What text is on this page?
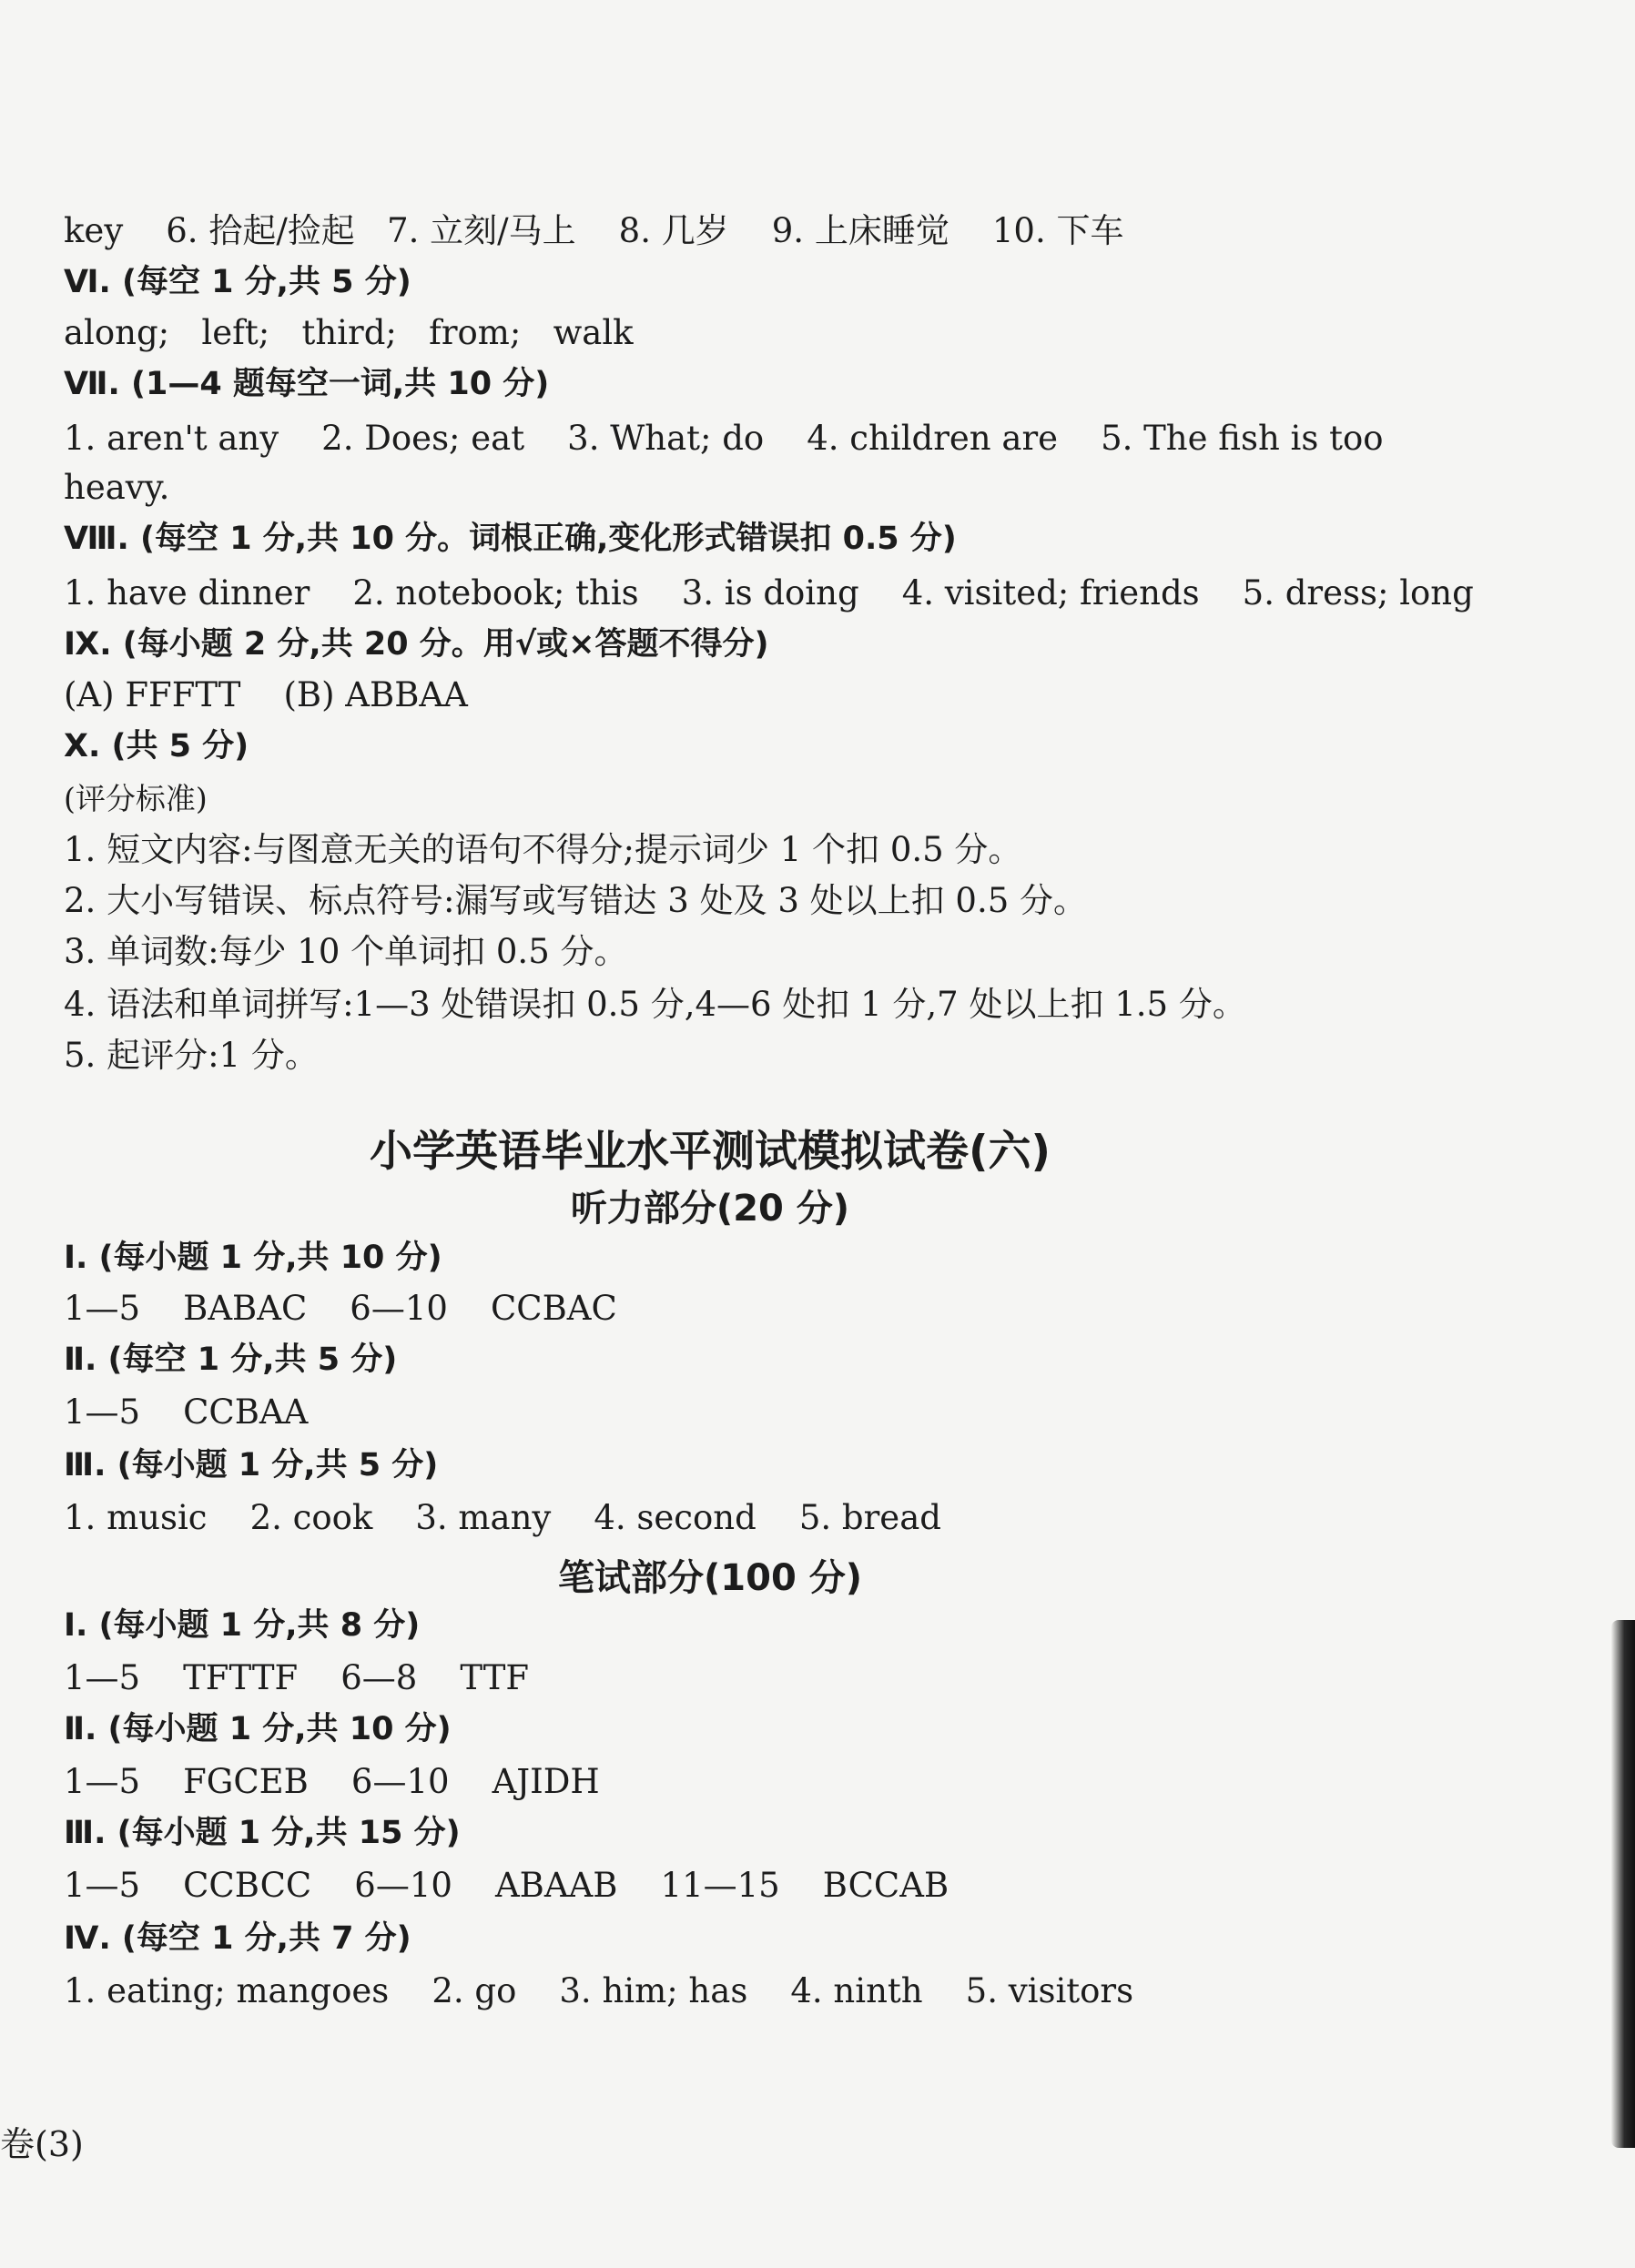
key    6. 拾起/捡起   7. 立刻/马上    8. 几岁    9. 上床睡觉    10. 下车
Ⅵ. (每空 1 分,共 5 分)
along;   left;   third;   from;   walk
Ⅶ. (1—4 题每空一词,共 10 分)
1. aren't any    2. Does; eat    3. What; do    4. children are    5. The fish is too
heavy.
Ⅷ. (每空 1 分,共 10 分。词根正确,变化形式错误扣 0.5 分)
1. have dinner    2. notebook; this    3. is doing    4. visited; friends    5. dress; long
Ⅸ. (每小题 2 分,共 20 分。用√或×答题不得分)
(A) FFFTT    (B) ABBAA
Ⅹ. (共 5 分)
(评分标准)
1. 短文内容:与图意无关的语句不得分;提示词少 1 个扣 0.5 分。
2. 大小写错误、标点符号:漏写或写错达 3 处及 3 处以上扣 0.5 分。
3. 单词数:每少 10 个单词扣 0.5 分。
4. 语法和单词拼写:1—3 处错误扣 0.5 分,4—6 处扣 1 分,7 处以上扣 1.5 分。
5. 起评分:1 分。
小学英语毕业水平测试模拟试卷(六)
听力部分(20 分)
Ⅰ. (每小题 1 分,共 10 分)
1—5    BABAC    6—10    CCBAC
Ⅱ. (每空 1 分,共 5 分)
1—5    CCBAA
Ⅲ. (每小题 1 分,共 5 分)
1. music    2. cook    3. many    4. second    5. bread
笔试部分(100 分)
Ⅰ. (每小题 1 分,共 8 分)
1—5    TFTTF    6—8    TTF
Ⅱ. (每小题 1 分,共 10 分)
1—5    FGCEB    6—10    AJIDH
Ⅲ. (每小题 1 分,共 15 分)
1—5    CCBCC    6—10    ABAAB    11—15    BCCAB
Ⅳ. (每空 1 分,共 7 分)
1. eating; mangoes    2. go    3. him; has    4. ninth    5. visitors
卷(3)
